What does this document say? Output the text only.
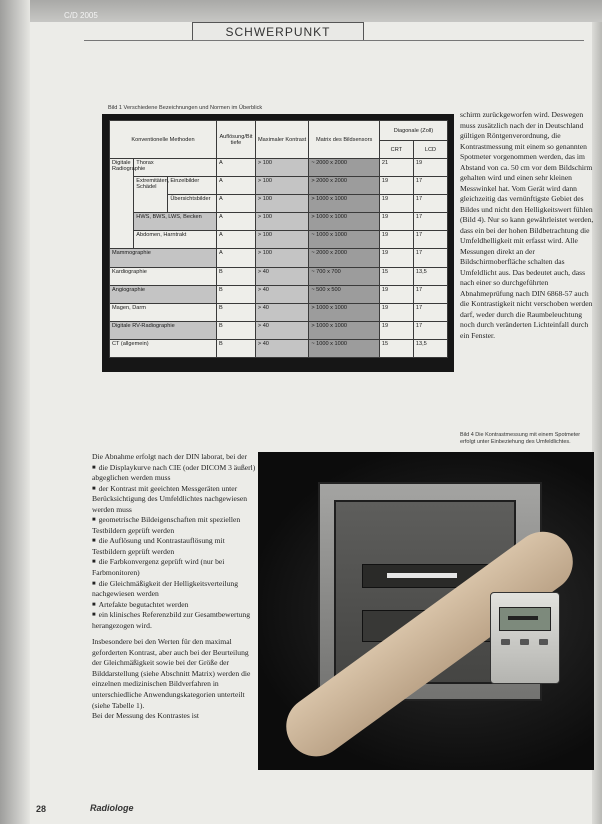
C/D 2005
SCHWERPUNKT
Bild 1 Verschiedene Bezeichnungen und Normen im Überblick
Konventionelle Methoden			Auflösung/Bit tiefe	Maximaler Kontrast	Matrix des Bildsensors	Diagonale (Zoll)	
						CRT	LCD
Digitale Radiographie	Thorax		A	> 100	~ 2000 x 2000	21	19
	Extremitäten, Schädel	Einzelbilder	A	> 100	> 2000 x 2000	19	17
		Übersichtsbilder	A	> 100	> 1000 x 1000	19	17
	HWS, BWS, LWS, Becken		A	> 100	> 1000 x 1000	19	17
	Abdomen, Harntrakt		A	> 100	~ 1000 x 1000	19	17
Mammographie			A	> 100	~ 2000 x 2000	19	17
Kardiographie			B	> 40	~ 700 x 700	15	13,5
Angiographie			B	> 40	~ 500 x 500	19	17
Magen, Darm			B	> 40	> 1000 x 1000	19	17
Digitale RV-Radiographie			B	> 40	> 1000 x 1000	19	17
CT (allgemein)			B	> 40	~ 1000 x 1000	15	13,5

schirm zurückgeworfen wird. Deswegen muss zusätzlich nach der in Deutschland gültigen Röntgenverordnung, die Kontrastmessung mit einem so genannten Spotmeter vorgenommen werden, das im Abstand von ca. 50 cm vor dem Bildschirm gehalten wird und einen sehr kleinen Messwinkel hat. Vom Gerät wird dann gleichzeitig das vernünftigste Gebiet des Bildes und nicht den Helligkeitswert fühlen (Bild 4). Nur so kann gewährleistet werden, dass ein bei der hohen Bildbetrachtung die Umfeldhelligkeit mit erfasst wird. Alle Messungen direkt an der Bildschirmoberfläche schalten das Umfeldlicht aus. Das bedeutet auch, dass nach einer so durchgeführten Abnahmeprüfung nach DIN 6868-57 auch die Kontrastigkeit nicht verschoben werden darf, weder durch die Raumbeleuchtung noch durch veränderten Lichteinfall durch ein Fenster.

Bild 4 Die Kontrastmessung mit einem Spotmeter erfolgt unter Einbeziehung des Umfeldlichtes.

Die Abnahme erfolgt nach der DIN laborat, bei der

■ die Displaykurve nach CIE (oder DICOM 3 äußerl) abgeglichen werden muss

■ der Kontrast mit geeichten Messgeräten unter Berücksichtigung des Umfeldlichtes nachgewiesen werden muss

■ geometrische Bildeigenschaften mit speziellen Testbildern geprüft werden

■ die Auflösung und Kontrastauflösung mit Testbildern geprüft werden

■ die Farbkonvergenz geprüft wird (nur bei Farbmonitoren)

■ die Gleichmäßigkeit der Helligkeitsverteilung nachgewiesen werden

■ Artefakte begutachtet werden

■ ein klinisches Referenzbild zur Gesamtbewertung herangezogen wird.

Insbesondere bei den Werten für den maximal geforderten Kontrast, aber auch bei der Beurteilung der Gleichmäßigkeit sowie bei der Größe der Bilddarstellung (siehe Abschnitt Matrix) werden die einzelnen medizinischen Bildverfahren in unterschiedliche Anwendungskategorien unterteilt (siehe Tabelle 1).

Bei der Messung des Kontrastes ist

28	Radiologe
